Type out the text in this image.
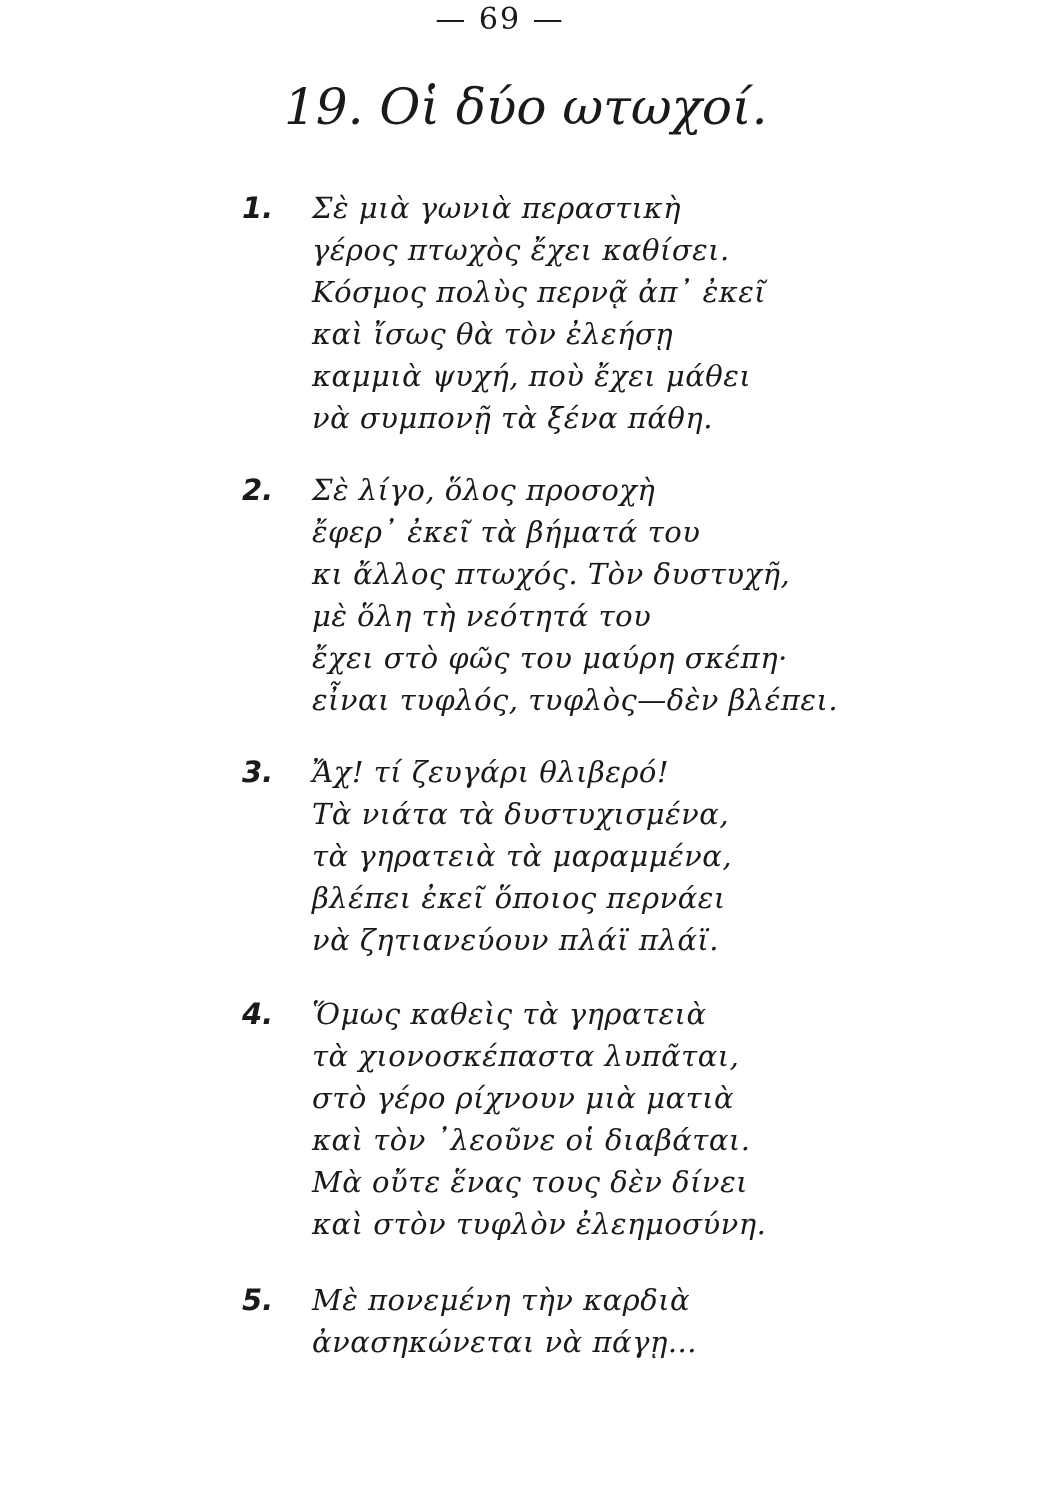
— 69 —
19. Οἱ δύο ωτωχοί.
1. Σὲ μιὰ γωνιὰ περαστικὴ
γέρος πτωχὸς ἔχει καθίσει.
Κόσμος πολὺς περνᾷ ἀπ᾽ ἐκεῖ
καὶ ἴσως θὰ τὸν ἐλεήσῃ
καμμιὰ ψυχή, ποὺ ἔχει μάθει
νὰ συμπονῇ τὰ ξένα πάθη.
2. Σὲ λίγο, ὅλος προσοχὴ
ἔφερ᾽ ἐκεῖ τὰ βήματά του
κι ἄλλος πτωχός. Τὸν δυστυχῆ,
μὲ ὅλη τὴ νεότητά του
ἔχει στὸ φῶς του μαύρη σκέπη·
εἶναι τυφλός, τυφλὸς—δὲν βλέπει.
3. Ἄχ! τί ζευγάρι θλιβερό!
Τὰ νιάτα τὰ δυστυχισμένα,
τὰ γηρατειὰ τὰ μαραμμένα,
βλέπει ἐκεῖ ὅποιος περνάει
νὰ ζητιανεύουν πλάϊ πλάϊ.
4. Ὅμως καθεὶς τὰ γηρατειὰ
τὰ χιονοσκέπαστα λυπᾶται,
στὸ γέρο ρίχνουν μιὰ ματιὰ
καὶ τὸν ᾽λεοῦνε οἱ διαβάται.
Μὰ οὔτε ἕνας τους δὲν δίνει
καὶ στὸν τυφλὸν ἐλεημοσύνη.
5. Μὲ πονεμένη τὴν καρδιὰ
ἀνασηκώνεται νὰ πάγῃ...
